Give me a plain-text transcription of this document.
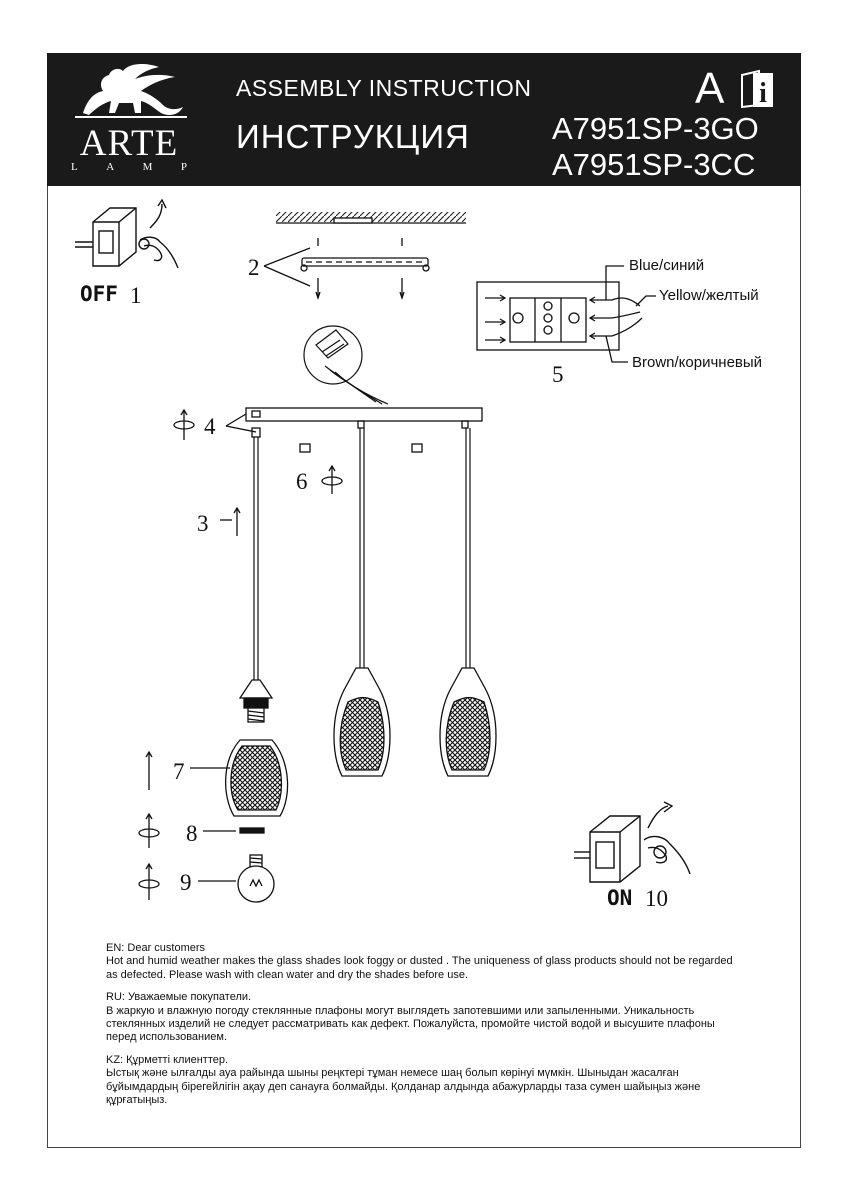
ARTE
L	A	M	P
ASSEMBLY INSTRUCTION
ИНСТРУКЦИЯ
A i
A7951SP-3GO
A7951SP-3CC
OFF 1
2
3
4
5
6
7
8
9
ON 10
Blue/синий
Yellow/желтый
Brown/коричневый

EN: Dear customers
Hot and humid weather makes the glass shades look foggy or dusted . The uniqueness of glass products should not be regarded as defected. Please wash with clean water and dry the shades before use.

RU: Уважаемые покупатели.
В жаркую и влажную погоду стеклянные плафоны могут выглядеть запотевшими или запыленными. Уникальность стеклянных изделий не следует рассматривать как дефект. Пожалуйста, промойте чистой водой и высушите плафоны перед использованием.

KZ: Құрметті клиенттер.
Ыстық және ылғалды ауа райында шыны реңктері тұман немесе шаң болып көрінуі мүмкін. Шыныдан жасалған бұйымдардың бірегейлігін ақау деп санауға болмайды. Қолданар алдында абажурларды таза сумен шайыңыз және құрғатыңыз.
